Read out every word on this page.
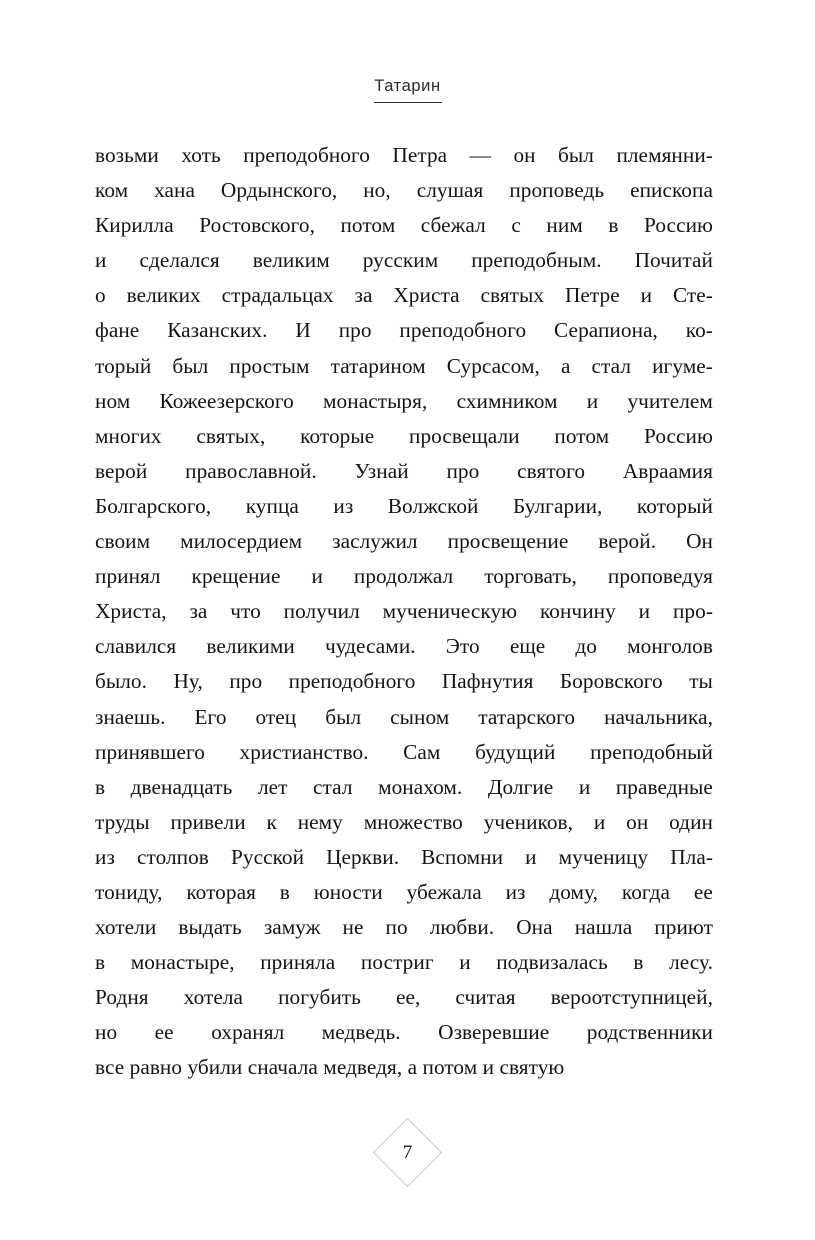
Татарин
возьми хоть преподобного Петра — он был племянни-
ком хана Ордынского, но, слушая проповедь епископа
Кирилла Ростовского, потом сбежал с ним в Россию
и сделался великим русским преподобным. Почитай
о великих страдальцах за Христа святых Петре и Сте-
фане Казанских. И про преподобного Серапиона, ко-
торый был простым татарином Сурсасом, а стал игуме-
ном Кожеезерского монастыря, схимником и учителем
многих святых, которые просвещали потом Россию
верой православной. Узнай про святого Авраамия
Болгарского, купца из Волжской Булгарии, который
своим милосердием заслужил просвещение верой. Он
принял крещение и продолжал торговать, проповедуя
Христа, за что получил мученическую кончину и про-
славился великими чудесами. Это еще до монголов
было. Ну, про преподобного Пафнутия Боровского ты
знаешь. Его отец был сыном татарского начальника,
принявшего христианство. Сам будущий преподобный
в двенадцать лет стал монахом. Долгие и праведные
труды привели к нему множество учеников, и он один
из столпов Русской Церкви. Вспомни и мученицу Пла-
тониду, которая в юности убежала из дому, когда ее
хотели выдать замуж не по любви. Она нашла приют
в монастыре, приняла постриг и подвизалась в лесу.
Родня хотела погубить ее, считая вероотступницей,
но ее охранял медведь. Озверевшие родственники
все равно убили сначала медведя, а потом и святую
7
